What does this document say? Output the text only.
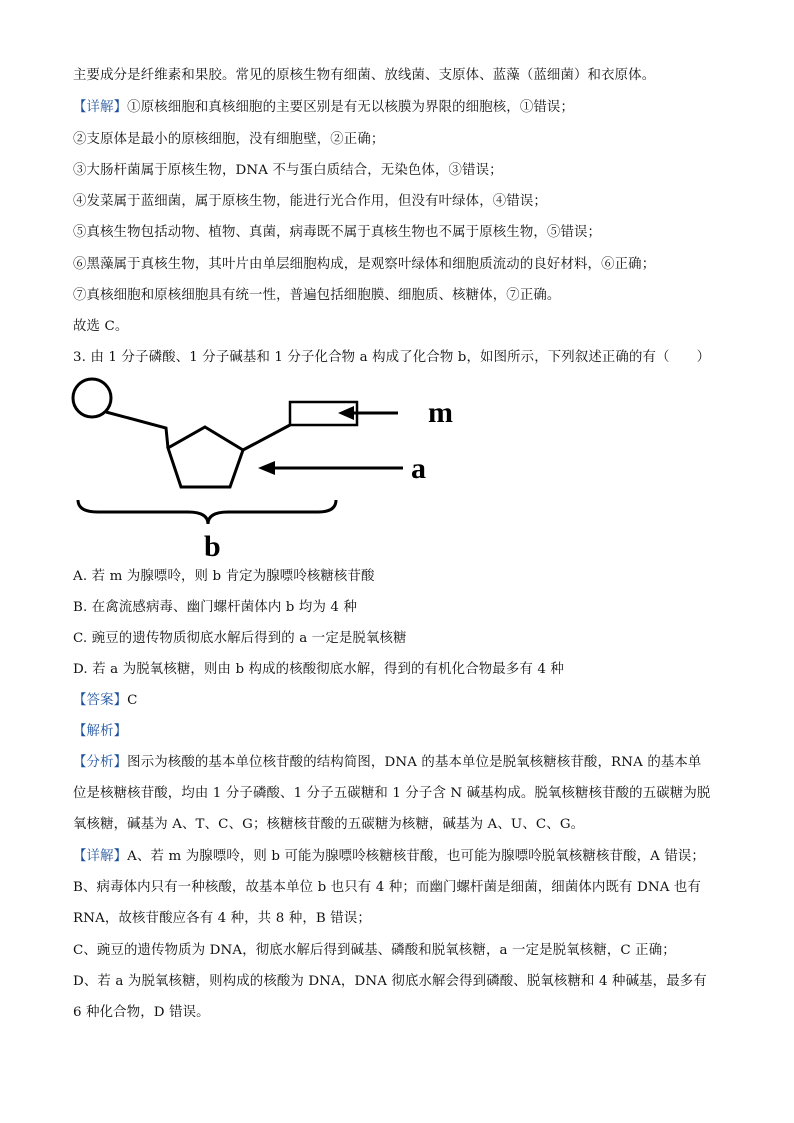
主要成分是纤维素和果胶。常见的原核生物有细菌、放线菌、支原体、蓝藻（蓝细菌）和衣原体。
【详解】①原核细胞和真核细胞的主要区别是有无以核膜为界限的细胞核，①错误；
②支原体是最小的原核细胞，没有细胞壁，②正确；
③大肠杆菌属于原核生物，DNA 不与蛋白质结合，无染色体，③错误；
④发菜属于蓝细菌，属于原核生物，能进行光合作用，但没有叶绿体，④错误；
⑤真核生物包括动物、植物、真菌，病毒既不属于真核生物也不属于原核生物，⑤错误；
⑥黑藻属于真核生物，其叶片由单层细胞构成，是观察叶绿体和细胞质流动的良好材料，⑥正确；
⑦真核细胞和原核细胞具有统一性，普遍包括细胞膜、细胞质、核糖体，⑦正确。
故选 C。
3. 由 1 分子磷酸、1 分子碱基和 1 分子化合物 a 构成了化合物 b，如图所示，下列叙述正确的有（　　）
m
a
b
A. 若 m 为腺嘌呤，则 b 肯定为腺嘌呤核糖核苷酸
B. 在禽流感病毒、幽门螺杆菌体内 b 均为 4 种
C. 豌豆的遗传物质彻底水解后得到的 a 一定是脱氧核糖
D. 若 a 为脱氧核糖，则由 b 构成的核酸彻底水解，得到的有机化合物最多有 4 种
【答案】C
【解析】
【分析】图示为核酸的基本单位核苷酸的结构简图，DNA 的基本单位是脱氧核糖核苷酸，RNA 的基本单
位是核糖核苷酸，均由 1 分子磷酸、1 分子五碳糖和 1 分子含 N 碱基构成。脱氧核糖核苷酸的五碳糖为脱
氧核糖，碱基为 A、T、C、G；核糖核苷酸的五碳糖为核糖，碱基为 A、U、C、G。
【详解】A、若 m 为腺嘌呤，则 b 可能为腺嘌呤核糖核苷酸，也可能为腺嘌呤脱氧核糖核苷酸，A 错误；
B、病毒体内只有一种核酸，故基本单位 b 也只有 4 种；而幽门螺杆菌是细菌，细菌体内既有 DNA 也有
RNA，故核苷酸应各有 4 种，共 8 种，B 错误；
C、豌豆的遗传物质为 DNA，彻底水解后得到碱基、磷酸和脱氧核糖，a 一定是脱氧核糖，C 正确；
D、若 a 为脱氧核糖，则构成的核酸为 DNA，DNA 彻底水解会得到磷酸、脱氧核糖和 4 种碱基，最多有
6 种化合物，D 错误。
